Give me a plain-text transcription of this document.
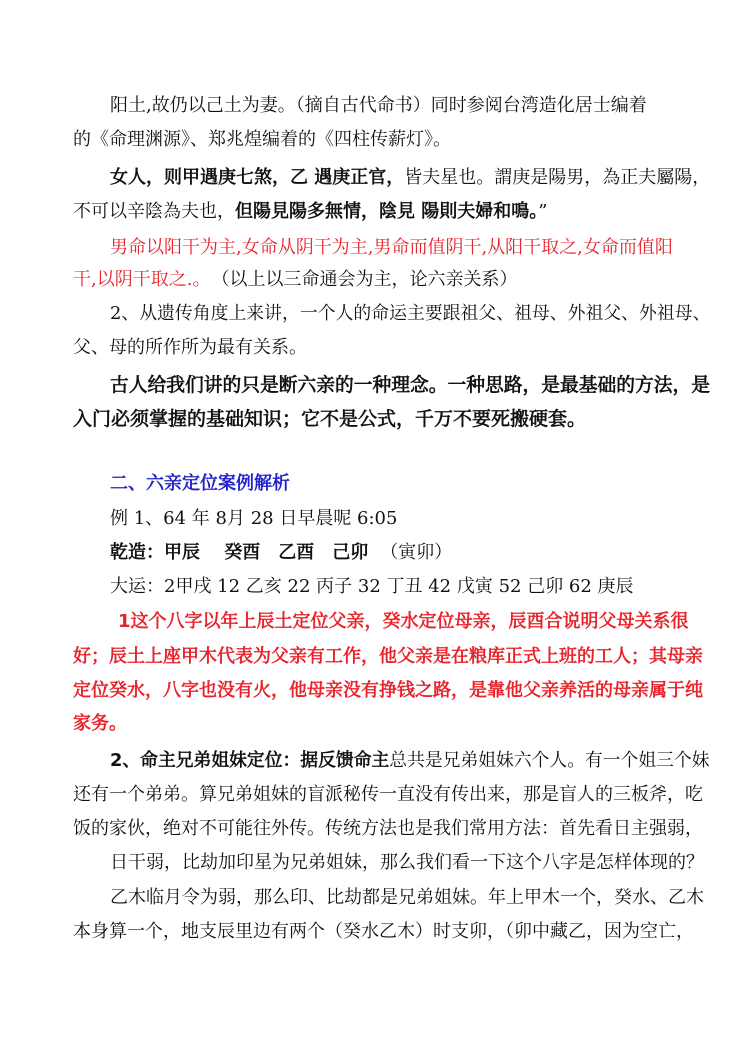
阳土,故仍以己土为妻。（摘自古代命书）同时参阅台湾造化居士编着
的《命理渊源》、郑兆煌编着的《四柱传薪灯》。
女人，则甲遇庚七煞，乙 遇庚正官，皆夫星也。謂庚是陽男，為正夫屬陽，
不可以辛陰為夫也，但陽見陽多無情，陰見 陽則夫婦和鳴。”
男命以阳干为主,女命从阴干为主,男命而值阴干,从阳干取之,女命而值阳
干,以阴干取之.。 （以上以三命通会为主，论六亲关系）
2、从遗传角度上来讲，一个人的命运主要跟祖父、祖母、外祖父、外祖母、
父、母的所作所为最有关系。
古人给我们讲的只是断六亲的一种理念。一种思路，是最基础的方法，是
入门必须掌握的基础知识；它不是公式，千万不要死搬硬套。
二、六亲定位案例解析
例 1、64 年 8月 28 日早晨呢 6:05
乾造：甲辰　 癸酉　乙酉　己卯 （寅卯）
大运：2甲戌 12 乙亥 22 丙子 32 丁丑 42 戊寅 52 己卯 62 庚辰
1这个八字以年上辰土定位父亲，癸水定位母亲，辰酉合说明父母关系很
好；辰土上座甲木代表为父亲有工作，他父亲是在粮库正式上班的工人；其母亲
定位癸水，八字也没有火，他母亲没有挣钱之路，是靠他父亲养活的母亲属于纯
家务。
2、命主兄弟姐妹定位：据反馈命主总共是兄弟姐妹六个人。有一个姐三个妹
还有一个弟弟。算兄弟姐妹的盲派秘传一直没有传出来，那是盲人的三板斧，吃
饭的家伙，绝对不可能往外传。传统方法也是我们常用方法：首先看日主强弱，
日干弱，比劫加印星为兄弟姐妹，那么我们看一下这个八字是怎样体现的？
乙木临月令为弱，那么印、比劫都是兄弟姐妹。年上甲木一个，癸水、乙木
本身算一个，地支辰里边有两个（癸水乙木）时支卯，（卯中藏乙，因为空亡，
